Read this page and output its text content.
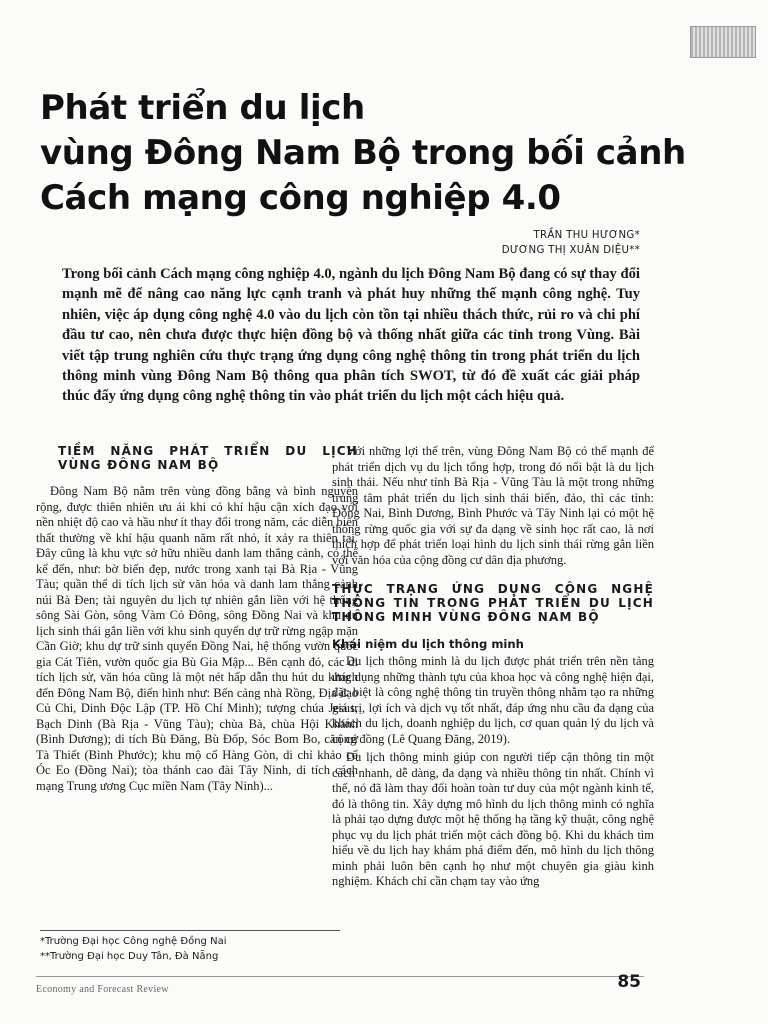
Phát triển du lịch
vùng Đông Nam Bộ trong bối cảnh
Cách mạng công nghiệp 4.0
TRẦN THU HƯƠNG*
DƯƠNG THỊ XUÂN DIỆU**

Trong bối cảnh Cách mạng công nghiệp 4.0, ngành du lịch Đông Nam Bộ đang có sự thay đổi mạnh mẽ để nâng cao năng lực cạnh tranh và phát huy những thế mạnh công nghệ. Tuy nhiên, việc áp dụng công nghệ 4.0 vào du lịch còn tồn tại nhiều thách thức, rủi ro và chi phí đầu tư cao, nên chưa được thực hiện đồng bộ và thống nhất giữa các tỉnh trong Vùng. Bài viết tập trung nghiên cứu thực trạng ứng dụng công nghệ thông tin trong phát triển du lịch thông minh vùng Đông Nam Bộ thông qua phân tích SWOT, từ đó đề xuất các giải pháp thúc đẩy ứng dụng công nghệ thông tin vào phát triển du lịch một cách hiệu quả.

TIỀM NĂNG PHÁT TRIỂN DU LỊCH VÙNG ĐÔNG NAM BỘ

Đông Nam Bộ nằm trên vùng đồng bằng và bình nguyên rộng, được thiên nhiên ưu ái khi có khí hậu cận xích đạo với nền nhiệt độ cao và hầu như ít thay đổi trong năm, các diễn biến thất thường về khí hậu quanh năm rất nhỏ, ít xảy ra thiên tai. Đây cũng là khu vực sở hữu nhiều danh lam thắng cảnh, có thể kể đến, như: bờ biển đẹp, nước trong xanh tại Bà Rịa - Vũng Tàu; quần thể di tích lịch sử văn hóa và danh lam thắng cảnh núi Bà Đen; tài nguyên du lịch tự nhiên gắn liền với hệ thống sông Sài Gòn, sông Vàm Cỏ Đông, sông Đồng Nai và khu du lịch sinh thái gắn liền với khu sinh quyển dự trữ rừng ngập mặn Cần Giờ; khu dự trữ sinh quyển Đồng Nai, hệ thống vườn quốc gia Cát Tiên, vườn quốc gia Bù Gia Mập... Bên cạnh đó, các di tích lịch sử, văn hóa cũng là một nét hấp dẫn thu hút du khách đến Đông Nam Bộ, điển hình như: Bến cảng nhà Rồng, Địa đạo Củ Chi, Dinh Độc Lập (TP. Hồ Chí Minh); tượng chúa Jesus, Bạch Dinh (Bà Rịa - Vũng Tàu); chùa Bà, chùa Hội Khánh (Bình Dương); di tích Bù Đăng, Bù Đốp, Sóc Bom Bo, căn cứ Tà Thiết (Bình Phước); khu mộ cổ Hàng Gòn, di chỉ khảo cổ Óc Eo (Đồng Nai); tòa thánh cao đài Tây Ninh, di tích cách mạng Trung ương Cục miền Nam (Tây Ninh)...

Với những lợi thế trên, vùng Đông Nam Bộ có thế mạnh để phát triển dịch vụ du lịch tổng hợp, trong đó nổi bật là du lịch sinh thái. Nếu như tỉnh Bà Rịa - Vũng Tàu là một trong những trung tâm phát triển du lịch sinh thái biển, đảo, thì các tỉnh: Đồng Nai, Bình Dương, Bình Phước và Tây Ninh lại có một hệ thống rừng quốc gia với sự đa dạng về sinh học rất cao, là nơi thích hợp để phát triển loại hình du lịch sinh thái rừng gắn liền với văn hóa của cộng đồng cư dân địa phương.

THỰC TRẠNG ỨNG DỤNG CÔNG NGHỆ THÔNG TIN TRONG PHÁT TRIỂN DU LỊCH THÔNG MINH VÙNG ĐÔNG NAM BỘ
Khái niệm du lịch thông minh

Du lịch thông minh là du lịch được phát triển trên nền tảng ứng dụng những thành tựu của khoa học và công nghệ hiện đại, đặc biệt là công nghệ thông tin truyền thông nhằm tạo ra những giá trị, lợi ích và dịch vụ tốt nhất, đáp ứng nhu cầu đa dạng của khách du lịch, doanh nghiệp du lịch, cơ quan quản lý du lịch và cộng đồng (Lê Quang Đăng, 2019).

Du lịch thông minh giúp con người tiếp cận thông tin một cách nhanh, dễ dàng, đa dạng và nhiều thông tin nhất. Chính vì thế, nó đã làm thay đổi hoàn toàn tư duy của một ngành kinh tế, đó là thông tin. Xây dựng mô hình du lịch thông minh có nghĩa là phải tạo dựng được một hệ thống hạ tầng kỹ thuật, công nghệ phục vụ du lịch phát triển một cách đồng bộ. Khi du khách tìm hiểu về du lịch hay khám phá điểm đến, mô hình du lịch thông minh phải luôn bên cạnh họ như một chuyên gia giàu kinh nghiệm. Khách chỉ cần chạm tay vào ứng

*Trường Đại học Công nghệ Đồng Nai
**Trường Đại học Duy Tân, Đà Nẵng
Economy and Forecast Review	85
